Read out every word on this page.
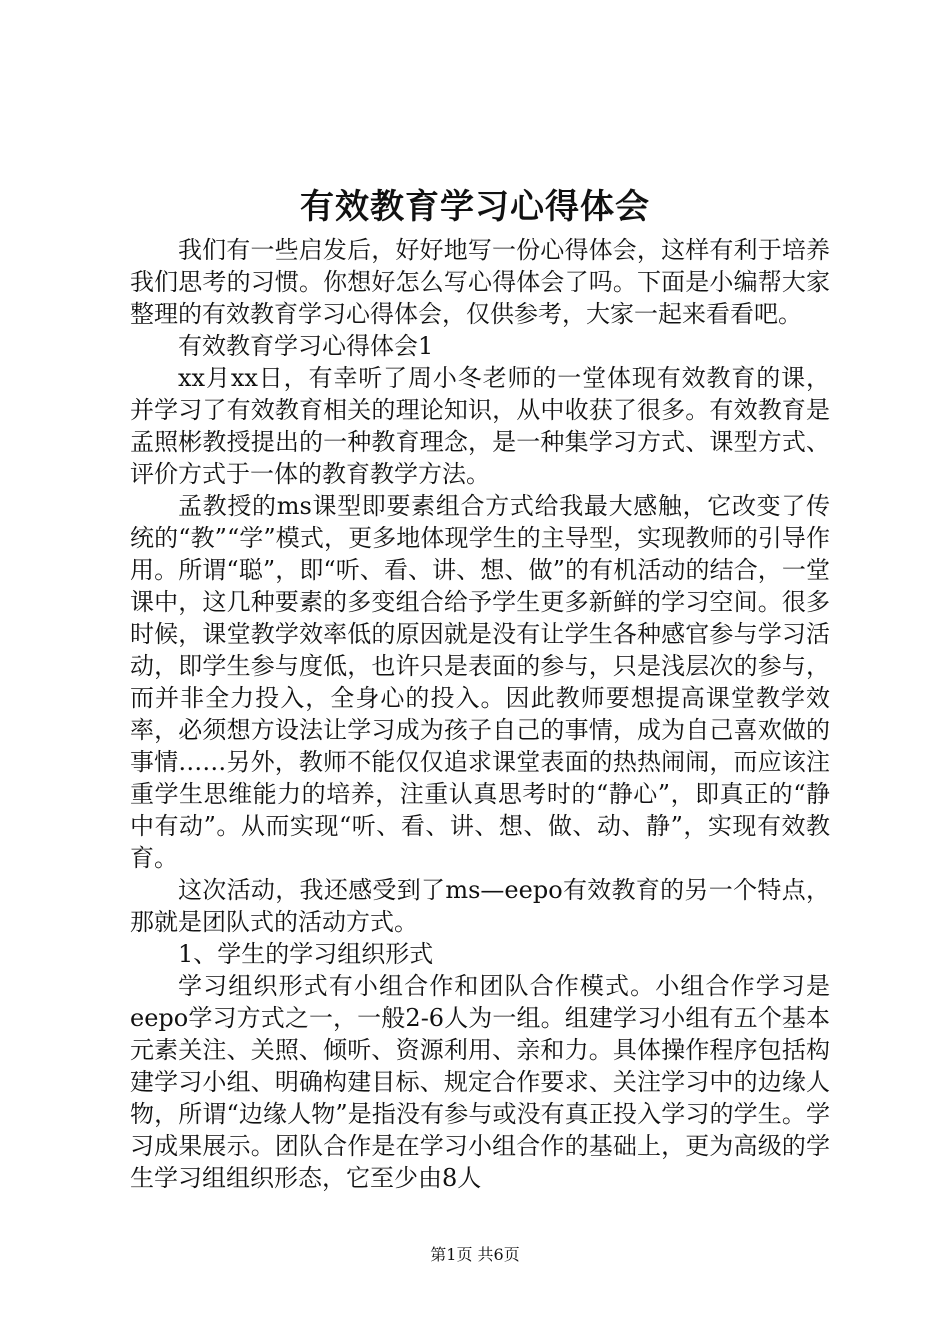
有效教育学习心得体会

我们有一些启发后，好好地写一份心得体会，这样有利于培养我们思考的习惯。你想好怎么写心得体会了吗。下面是小编帮大家整理的有效教育学习心得体会，仅供参考，大家一起来看看吧。

有效教育学习心得体会1

xx月xx日，有幸听了周小冬老师的一堂体现有效教育的课，并学习了有效教育相关的理论知识，从中收获了很多。有效教育是孟照彬教授提出的一种教育理念，是一种集学习方式、课型方式、评价方式于一体的教育教学方法。

孟教授的ms课型即要素组合方式给我最大感触，它改变了传统的“教”“学”模式，更多地体现学生的主导型，实现教师的引导作用。所谓“聪”，即“听、看、讲、想、做”的有机活动的结合，一堂课中，这几种要素的多变组合给予学生更多新鲜的学习空间。很多时候，课堂教学效率低的原因就是没有让学生各种感官参与学习活动，即学生参与度低，也许只是表面的参与，只是浅层次的参与，而并非全力投入，全身心的投入。因此教师要想提高课堂教学效率，必须想方设法让学习成为孩子自己的事情，成为自己喜欢做的事情……另外，教师不能仅仅追求课堂表面的热热闹闹，而应该注重学生思维能力的培养，注重认真思考时的“静心”，即真正的“静中有动”。从而实现“听、看、讲、想、做、动、静”，实现有效教育。

这次活动，我还感受到了ms—eepo有效教育的另一个特点，那就是团队式的活动方式。

1、学生的学习组织形式

学习组织形式有小组合作和团队合作模式。小组合作学习是eepo学习方式之一，一般2-6人为一组。组建学习小组有五个基本元素关注、关照、倾听、资源利用、亲和力。具体操作程序包括构建学习小组、明确构建目标、规定合作要求、关注学习中的边缘人物，所谓“边缘人物”是指没有参与或没有真正投入学习的学生。学习成果展示。团队合作是在学习小组合作的基础上，更为高级的学生学习组组织形态，它至少由8人

第1页 共6页
